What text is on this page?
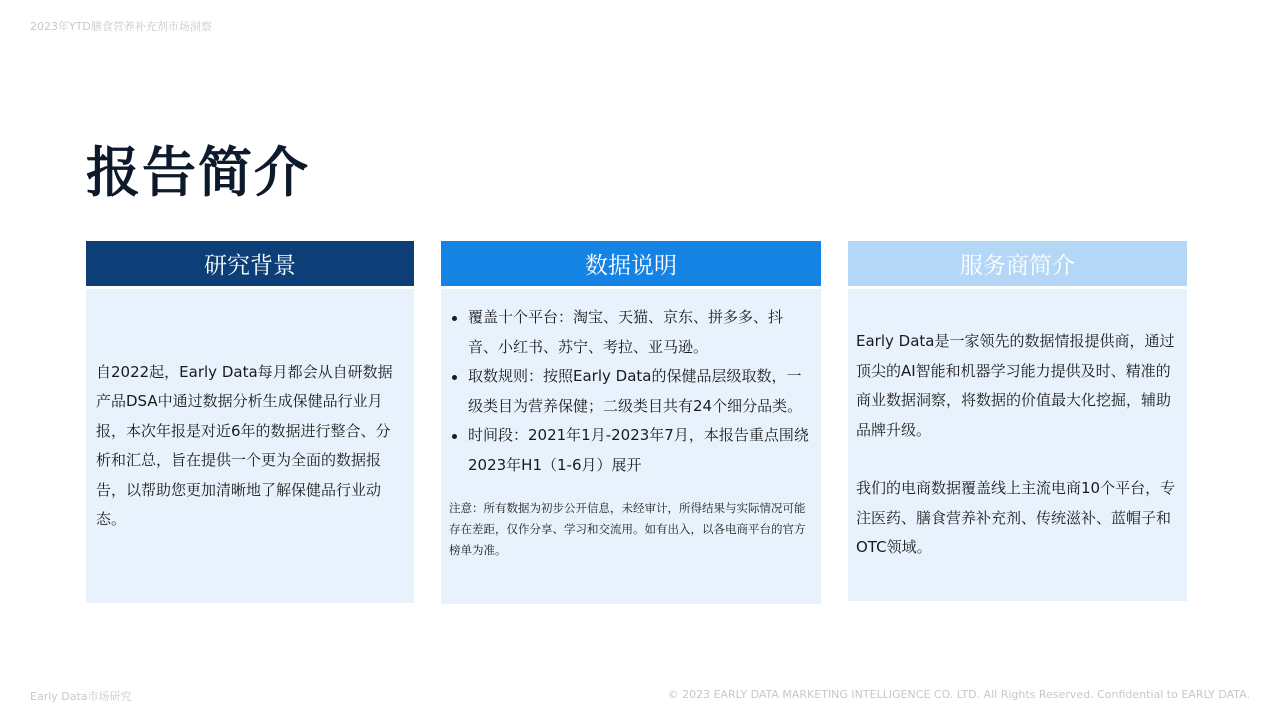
2023年YTD膳食营养补充剂市场洞察
报告简介
研究背景

自2022起，Early Data每月都会从自研数据产品DSA中通过数据分析生成保健品行业月报，本次年报是对近6年的数据进行整合、分析和汇总，旨在提供一个更为全面的数据报告，以帮助您更加清晰地了解保健品行业动态。

数据说明
覆盖十个平台：淘宝、天猫、京东、拼多多、抖音、小红书、苏宁、考拉、亚马逊。
取数规则：按照Early Data的保健品层级取数，一级类目为营养保健；二级类目共有24个细分品类。
时间段：2021年1月-2023年7月，本报告重点围绕2023年H1（1-6月）展开

注意：所有数据为初步公开信息，未经审计，所得结果与实际情况可能存在差距，仅作分享、学习和交流用。如有出入，以各电商平台的官方榜单为准。

服务商简介

Early Data是一家领先的数据情报提供商，通过顶尖的AI智能和机器学习能力提供及时、精准的商业数据洞察，将数据的价值最大化挖掘，辅助品牌升级。

我们的电商数据覆盖线上主流电商10个平台，专注医药、膳食营养补充剂、传统滋补、蓝帽子和OTC领域。

Early Data市场研究	© 2023 EARLY DATA MARKETING INTELLIGENCE CO. LTD. All Rights Reserved. Confidential to EARLY DATA.
